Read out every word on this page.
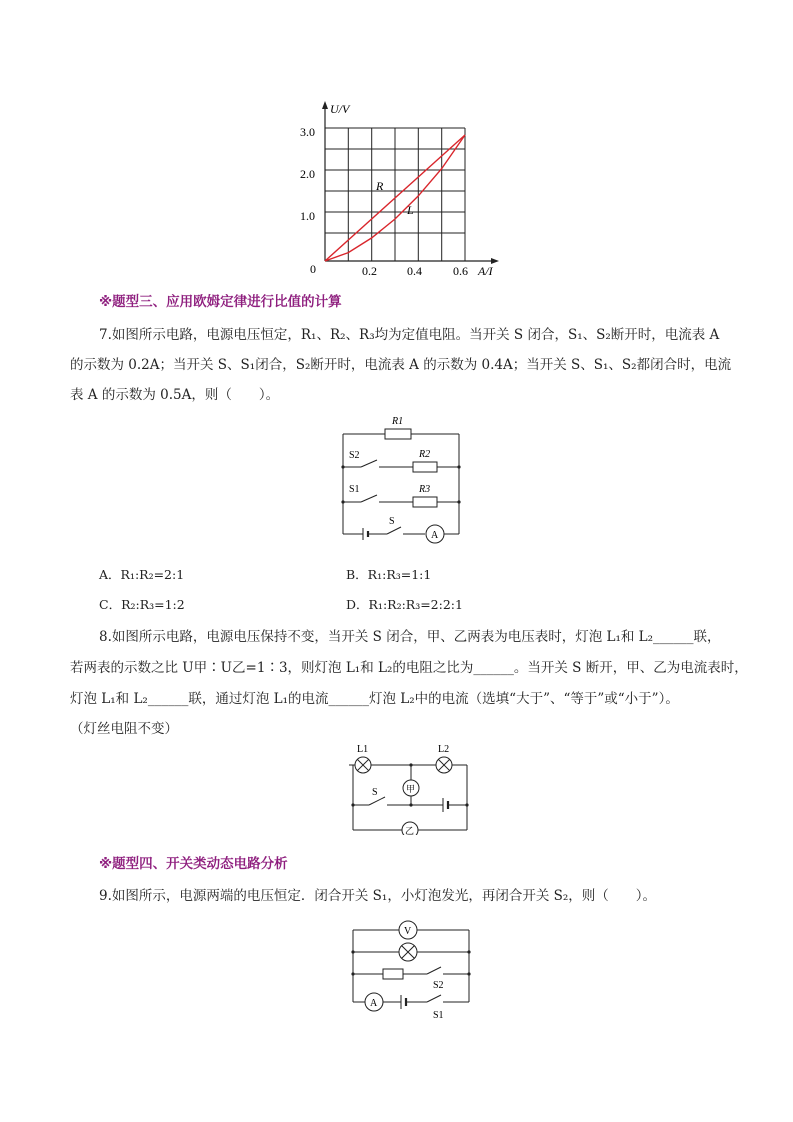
U/V
A/I
0
1.0
2.0
3.0
0.2	0.4	0.6
R
L
※题型三、应用欧姆定律进行比值的计算
7.如图所示电路，电源电压恒定，R₁、R₂、R₃均为定值电阻。当开关 S 闭合，S₁、S₂断开时，电流表 A
的示数为 0.2A；当开关 S、S₁闭合，S₂断开时，电流表 A 的示数为 0.4A；当开关 S、S₁、S₂都闭合时，电流
表 A 的示数为 0.5A，则（　　）。
R1
R2
R3
S2
S1
S
A
A．R₁:R₂=2:1	B．R₁:R₃=1:1
C．R₂:R₃=1:2	D．R₁:R₂:R₃=2:2:1
8.如图所示电路，电源电压保持不变，当开关 S 闭合，甲、乙两表为电压表时，灯泡 L₁和 L₂______联，
若两表的示数之比 U甲∶U乙=1∶3，则灯泡 L₁和 L₂的电阻之比为______。当开关 S 断开，甲、乙为电流表时，
灯泡 L₁和 L₂______联，通过灯泡 L₁的电流______灯泡 L₂中的电流（选填“大于”、“等于”或“小于”）。
（灯丝电阻不变）
L1	L2
S	甲
乙
※题型四、开关类动态电路分析
9.如图所示，电源两端的电压恒定．闭合开关 S₁，小灯泡发光，再闭合开关 S₂，则（　　）。
V
A
S2
S1
